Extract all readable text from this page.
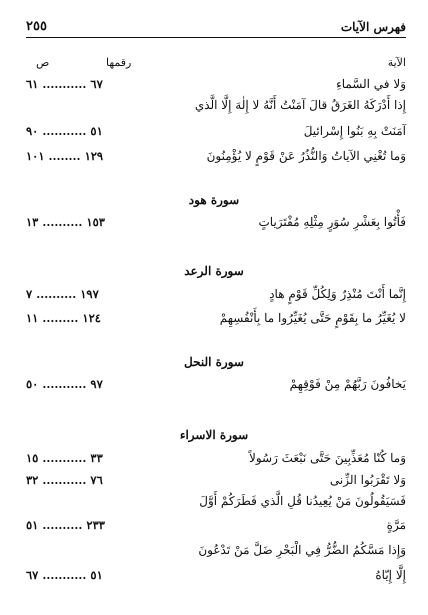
فهرس الآيات
٢٥٥
الآية
رقمها
ص
وَلا في السَّماءِ
٦٧ ........... ٦١
إِذا أَدْرَكَهُ الغَرَقُ قالَ آمَنْتُ أَنَّهُ لا إِلٰهَ إِلَّا الَّذي
آمَنَتْ بِهِ بَنُوا إِسْرائيلَ
٥١ ........... ٩٠
وَما تُغْنِي الآياتُ وَالنُّذُرُ عَنْ قَوْمٍ لا يُؤْمِنُونَ
١٢٩ ........ ١٠١
سورة هود
فَأْتُوا بِعَشْرِ سُوَرٍ مِثْلِهِ مُفْتَرَياتٍ
١٥٣ .......... ١٣
سورة الرعد
إِنَّما أَنْتَ مُنْذِرٌ وَلِكُلِّ قَوْمٍ هادٍ
١٩٧ .......... ٧
لا يُغَيِّرُ ما بِقَوْمٍ حَتَّى يُغَيِّرُوا ما بِأَنْفُسِهِمْ
١٢٤ ......... ١١
سورة النحل
يَخافُونَ رَبَّهُمْ مِنْ فَوْقِهِمْ
٩٧ ........... ٥٠
سورة الاسراء
وَما كُنّا مُعَذِّبِينَ حَتَّى نَبْعَثَ رَسُولاً
٣٣ ........... ١٥
وَلا تَقْرَبُوا الزِّنى
٧٦ ........... ٣٢
فَسَيَقُولُونَ مَنْ يُعِيدُنا قُلِ الَّذي فَطَرَكُمْ أَوَّلَ
مَرَّةٍ
٢٣٣ .......... ٥١
وَإِذا مَسَّكُمُ الضُّرُّ فِي الْبَحْرِ ضَلَّ مَنْ تَدْعُونَ
إِلَّا إِيّاهُ
٥١ ........... ٦٧
